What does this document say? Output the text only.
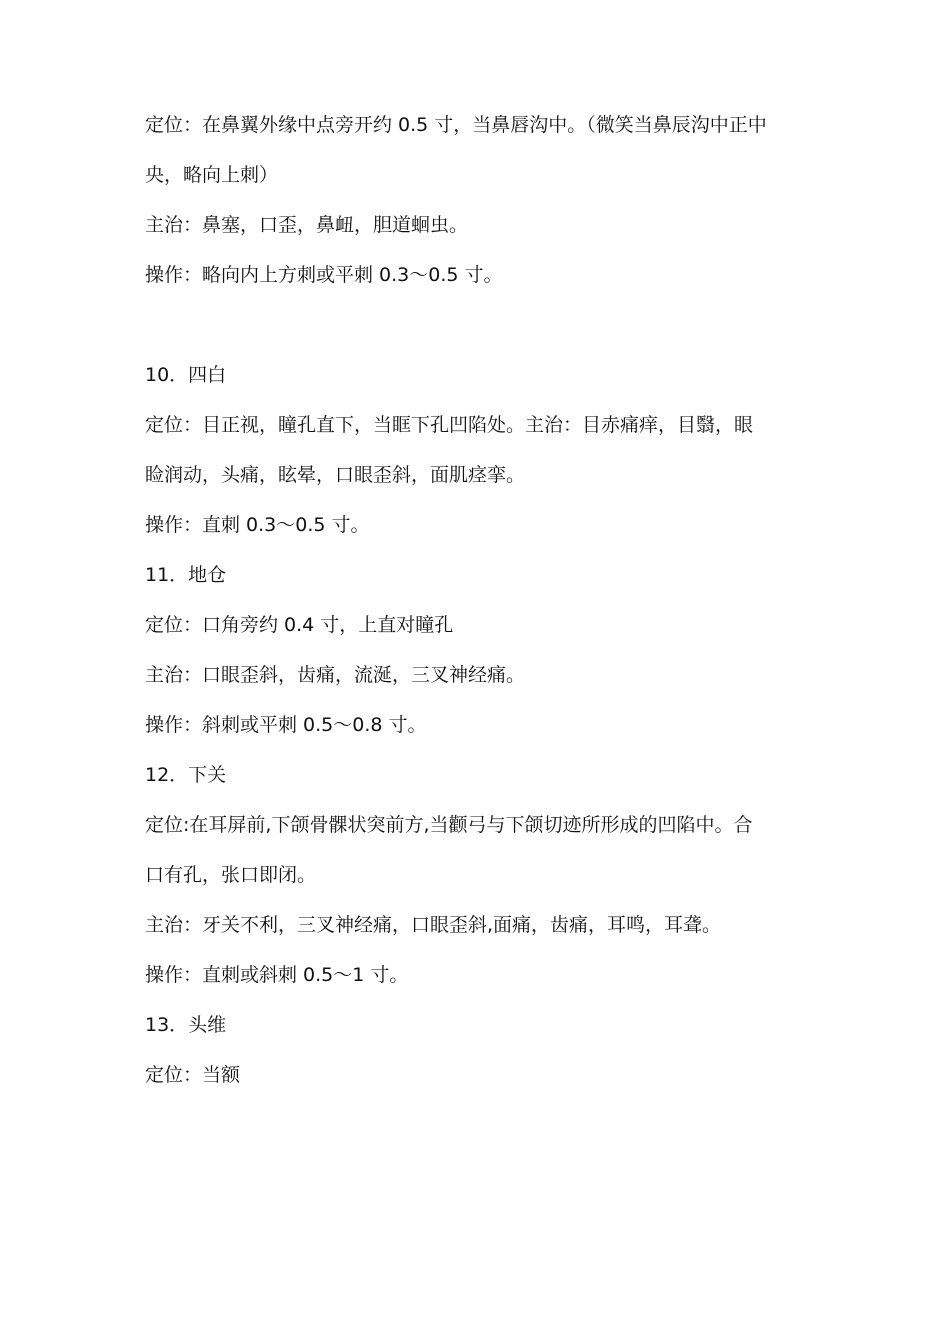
定位：在鼻翼外缘中点旁开约 0.5 寸，当鼻唇沟中。（微笑当鼻辰沟中正中
央，略向上刺）
主治：鼻塞，口歪，鼻衄，胆道蛔虫。
操作：略向内上方刺或平刺 0.3～0.5 寸。
10．四白
定位：目正视，瞳孔直下，当眶下孔凹陷处。主治：目赤痛痒，目翳，眼
睑润动，头痛，眩晕，口眼歪斜，面肌痉挛。
操作：直刺 0.3～0.5 寸。
11．地仓
定位：口角旁约 0.4 寸，上直对瞳孔
主治：口眼歪斜，齿痛，流涎，三叉神经痛。
操作：斜刺或平刺 0.5～0.8 寸。
12．下关
定位:在耳屏前,下颌骨髁状突前方,当颧弓与下颌切迹所形成的凹陷中。合
口有孔，张口即闭。
主治：牙关不利，三叉神经痛，口眼歪斜,面痛，齿痛，耳鸣，耳聋。
操作：直刺或斜刺 0.5～1 寸。
13．头维
定位：当额
